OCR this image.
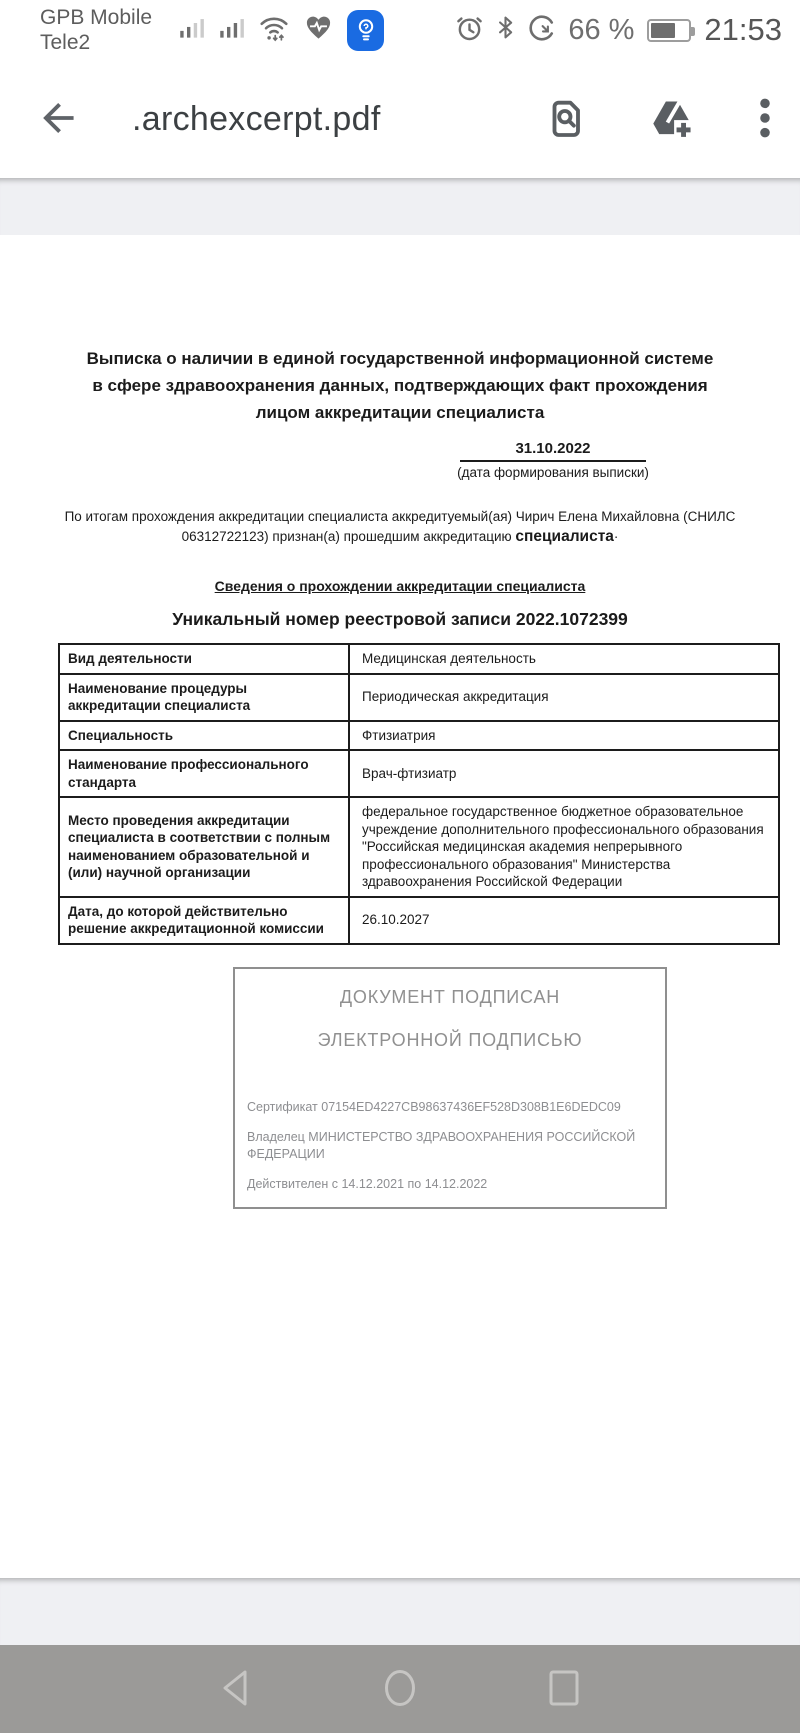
GPB Mobile
Tele2	66 % 21:53
.archexcerpt.pdf
Выписка о наличии в единой государственной информационной системе в сфере здравоохранения данных, подтверждающих факт прохождения лицом аккредитации специалиста
31.10.2022
(дата формирования выписки)

По итогам прохождения аккредитации специалиста аккредитуемый(ая) Чирич Елена Михайловна (СНИЛС 06312722123) признан(а) прошедшим аккредитацию специалиста·

Сведения о прохождении аккредитации специалиста
Уникальный номер реестровой записи 2022.1072399
Вид деятельности	Медицинская деятельность
Наименование процедуры аккредитации специалиста	Периодическая аккредитация
Специальность	Фтизиатрия
Наименование профессионального стандарта	Врач-фтизиатр
Место проведения аккредитации специалиста в соответствии с полным наименованием образовательной и (или) научной организации	федеральное государственное бюджетное образовательное учреждение дополнительного профессионального образования "Российская медицинская академия непрерывного профессионального образования" Министерства здравоохранения Российской Федерации
Дата, до которой действительно решение аккредитационной комиссии	26.10.2027
ДОКУМЕНТ ПОДПИСАН
ЭЛЕКТРОННОЙ ПОДПИСЬЮ
Сертификат 07154ED4227CB98637436EF528D308B1E6DEDC09
Владелец МИНИСТЕРСТВО ЗДРАВООХРАНЕНИЯ РОССИЙСКОЙ ФЕДЕРАЦИИ
Действителен с 14.12.2021 по 14.12.2022
